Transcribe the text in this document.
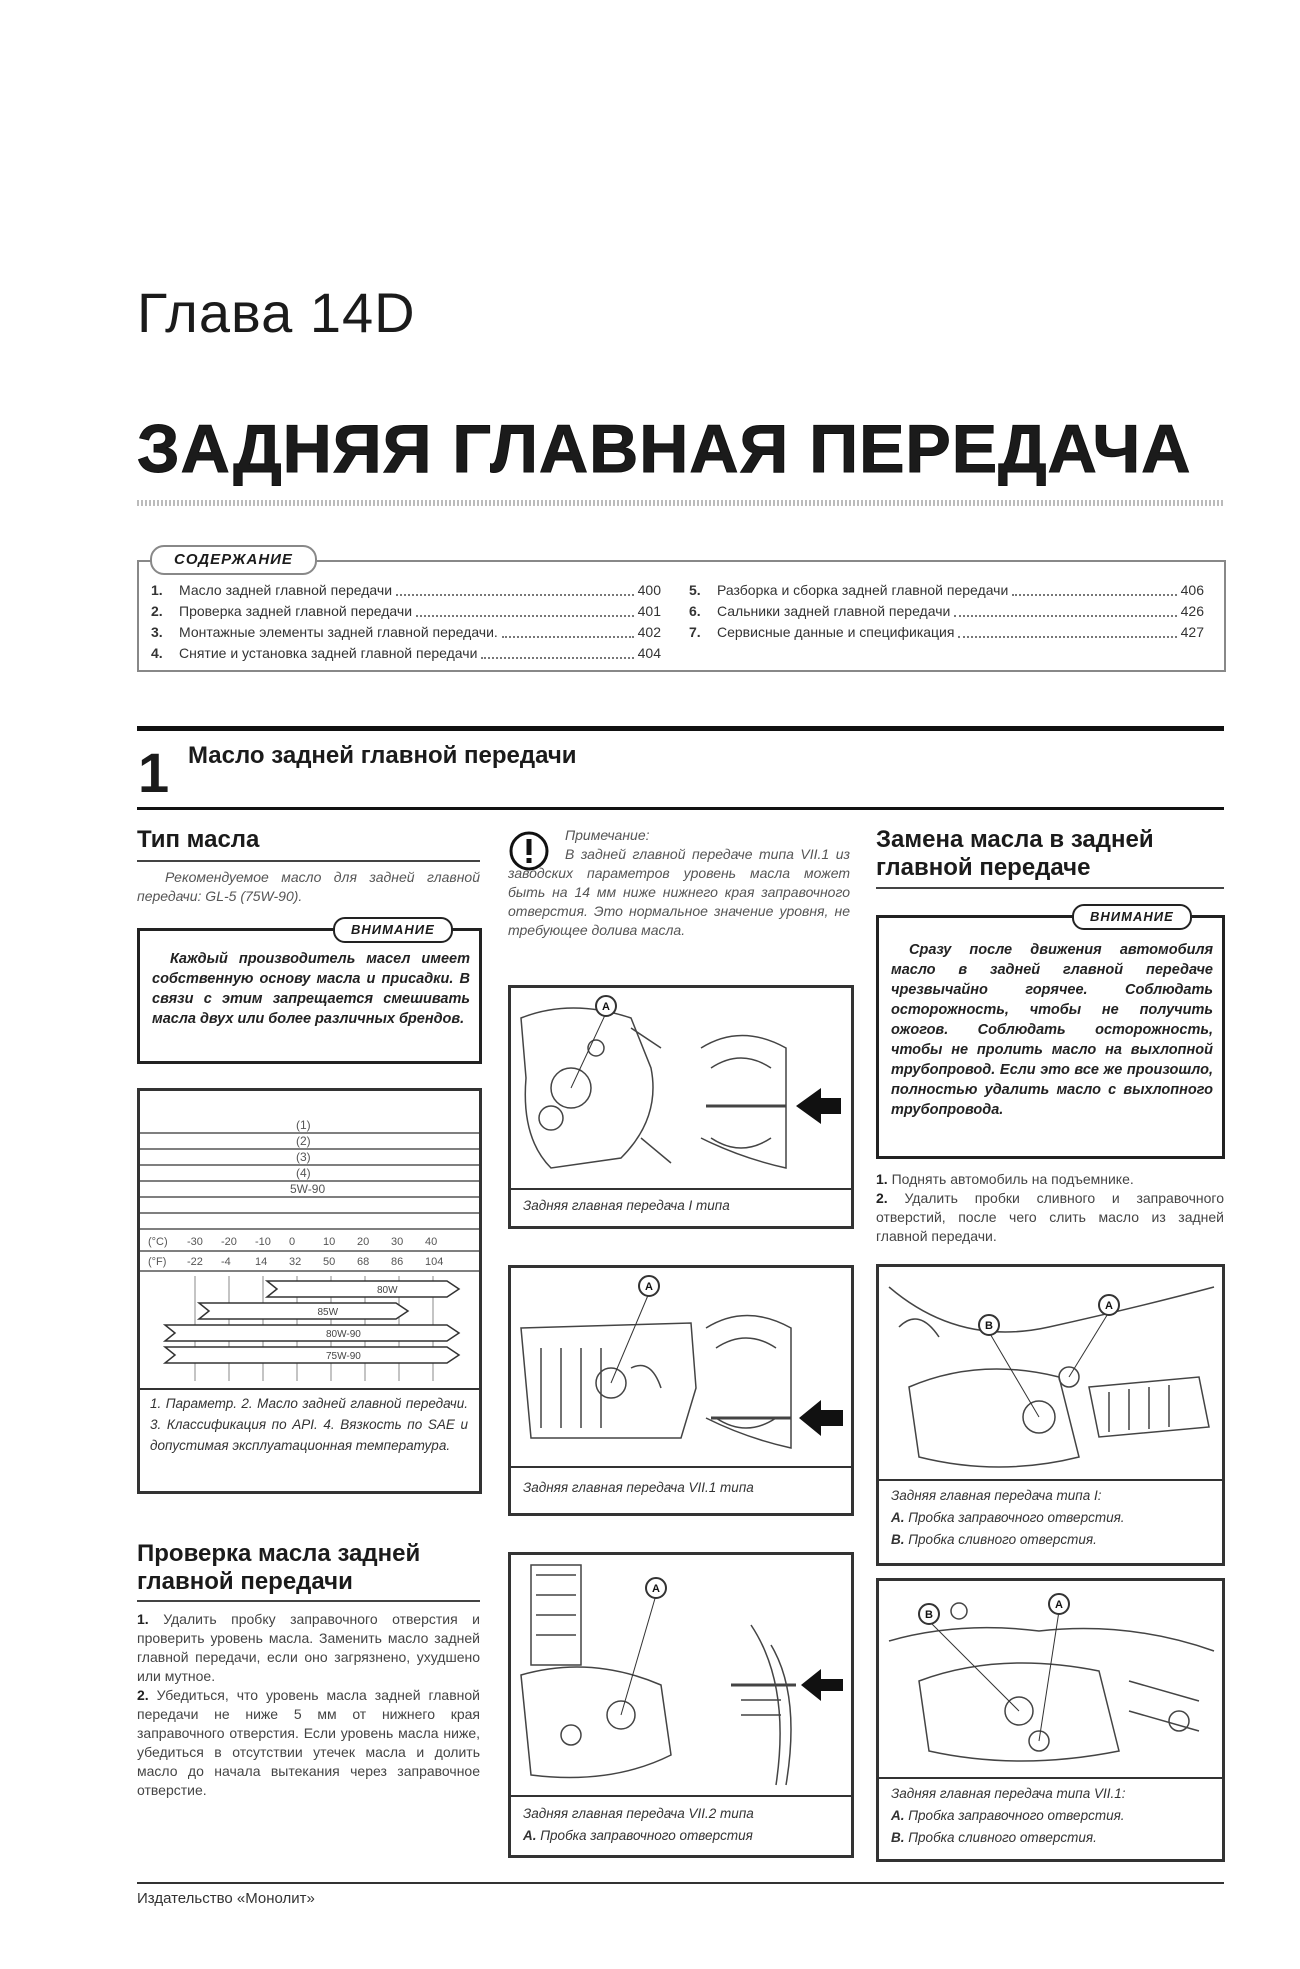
Глава 14D
ЗАДНЯЯ ГЛАВНАЯ ПЕРЕДАЧА
1.	Масло задней главной передачи	400
2.	Проверка задней главной передачи	401
3.	Монтажные элементы задней главной передачи.	402
4.	Снятие и установка задней главной передачи	404
5.	Разборка и сборка задней главной передачи	406
6.	Сальники задней главной передачи	426
7.	Сервисные данные и спецификация	427
СОДЕРЖАНИЕ
1 Масло задней главной передачи
Тип масла
Рекомендуемое масло для задней главной передачи: GL-5 (75W-90).
Каждый производитель масел имеет собственную основу масла и присадки. В связи с этим запрещается смешивать масла двух или более различных брендов.
ВНИМАНИЕ
(1)
(2)
(3)
(4)
5W-90
(°C)
(°F)
-30 -20 -10 0	10 20 30 40
-22 -4 14 32 50 68 86 104
80W
85W
80W-90
75W-90
1. Параметр. 2. Масло задней главной передачи. 3. Классификация по API. 4. Вязкость по SAE и допустимая эксплуатационная температура.
Проверка масла задней главной передачи
1. Удалить пробку заправочного отверстия и проверить уровень масла. Заменить масло задней главной передачи, если оно загрязнено, ухудшено или мутное.
2. Убедиться, что уровень масла задней главной передачи не ниже 5 мм от нижнего края заправочного отверстия. Если уровень масла ниже, убедиться в отсутствии утечек масла и долить масло до начала вытекания через заправочное отверстие.
Примечание:
В задней главной передаче типа VII.1 из заводских параметров уровень масла может быть на 14 мм ниже нижнего края заправочного отверстия. Это нормальное значение уровня, не требующее долива масла.
A
Задняя главная передача I типа
A
Задняя главная передача VII.1 типа
A
Задняя главная передача VII.2 типа
A. Пробка заправочного отверстия
Замена масла в задней главной передаче
Сразу после движения автомобиля масло в задней главной передаче чрезвычайно горячее. Соблюдать осторожность, чтобы не получить ожогов. Соблюдать осторожность, чтобы не пролить масло на выхлопной трубопровод. Если это все же произошло, полностью удалить масло с выхлопного трубопровода.
ВНИМАНИЕ
1. Поднять автомобиль на подъемнике.
2. Удалить пробки сливного и заправочного отверстий, после чего слить масло из задней главной передачи.
B
A
Задняя главная передача типа I:
A. Пробка заправочного отверстия.
B. Пробка сливного отверстия.
B
A
Задняя главная передача типа VII.1:
A. Пробка заправочного отверстия.
B. Пробка сливного отверстия.
Издательство «Монолит»
